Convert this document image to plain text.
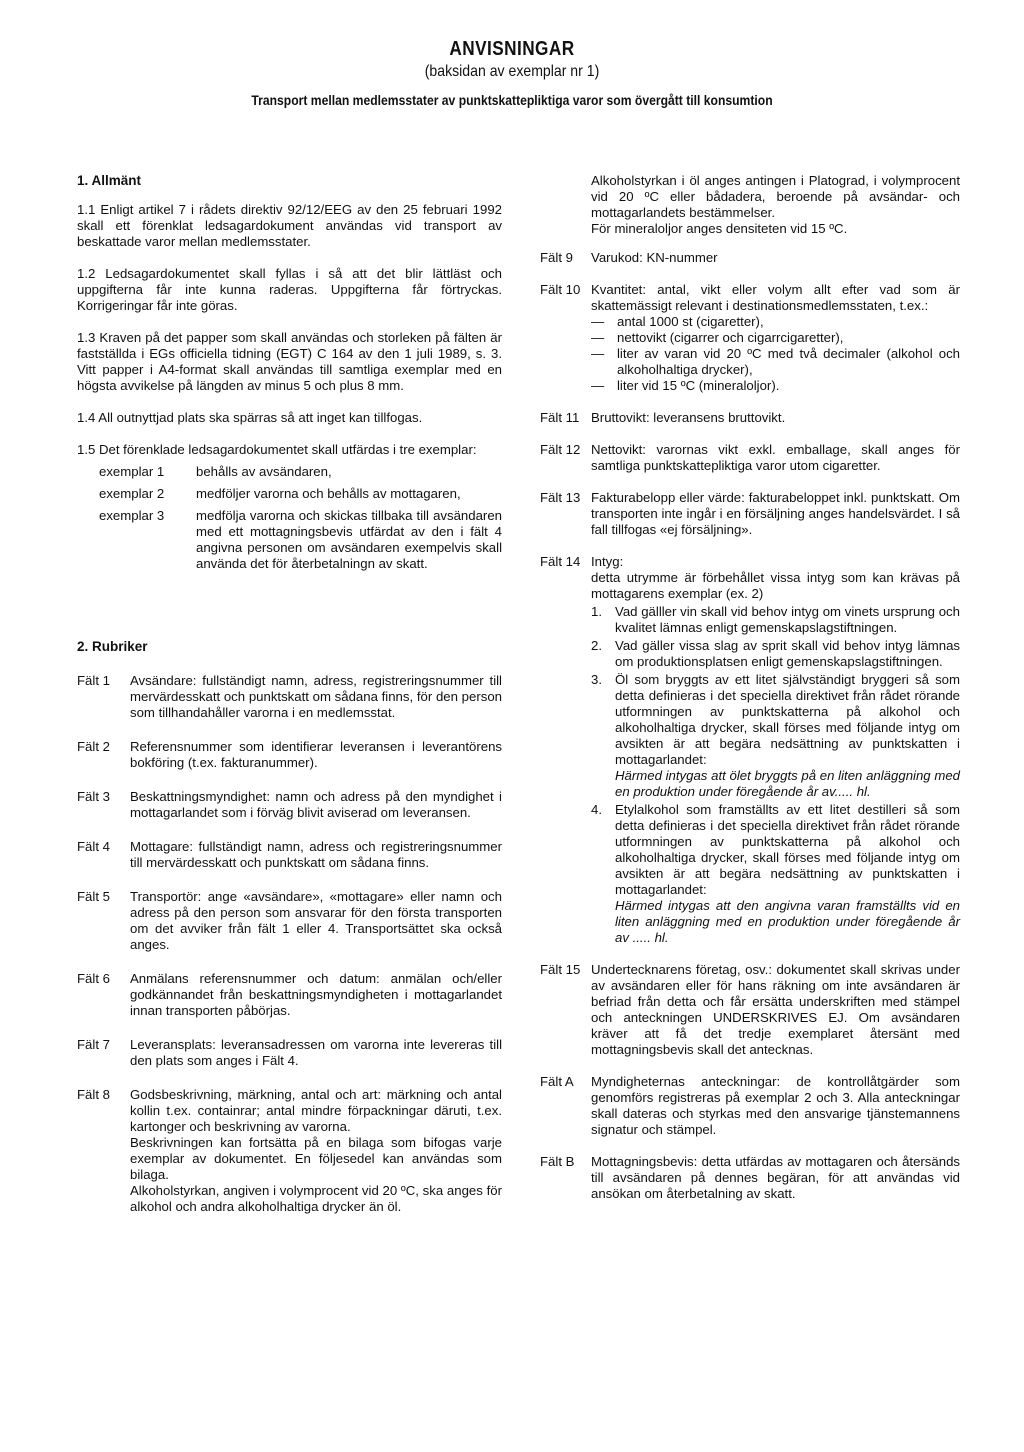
ANVISNINGAR
(baksidan av exemplar nr 1)
Transport mellan medlemsstater av punktskattepliktiga varor som övergått till konsumtion
1. Allmänt
1.1 Enligt artikel 7 i rådets direktiv 92/12/EEG av den 25 februari 1992 skall ett förenklat ledsagardokument användas vid transport av beskattade varor mellan medlemsstater.
1.2 Ledsagardokumentet skall fyllas i så att det blir lättläst och uppgifterna får inte kunna raderas. Uppgifterna får förtryckas. Korrigeringar får inte göras.
1.3 Kraven på det papper som skall användas och storleken på fälten är fastställda i EGs officiella tidning (EGT) C 164 av den 1 juli 1989, s. 3. Vitt papper i A4-format skall användas till samtliga exemplar med en högsta avvikelse på längden av minus 5 och plus 8 mm.
1.4 All outnyttjad plats ska spärras så att inget kan tillfogas.
1.5 Det förenklade ledsagardokumentet skall utfärdas i tre exemplar:
exemplar 1	behålls av avsändaren,
exemplar 2	medföljer varorna och behålls av mottagaren,
exemplar 3	medfölja varorna och skickas tillbaka till avsändaren med ett mottagningsbevis utfärdat av den i fält 4 angivna personen om avsändaren exempelvis skall använda det för återbetalningn av skatt.
2. Rubriker
Fält 1	Avsändare: fullständigt namn, adress, registreringsnummer till mervärdesskatt och punktskatt om sådana finns, för den person som tillhandahåller varorna i en medlemsstat.
Fält 2	Referensnummer som identifierar leveransen i leverantörens bokföring (t.ex. fakturanummer).
Fält 3	Beskattningsmyndighet: namn och adress på den myndighet i mottagarlandet som i förväg blivit aviserad om leveransen.
Fält 4	Mottagare: fullständigt namn, adress och registreringsnummer till mervärdesskatt och punktskatt om sådana finns.
Fält 5	Transportör: ange «avsändare», «mottagare» eller namn och adress på den person som ansvarar för den första transporten om det avviker från fält 1 eller 4. Transportsättet ska också anges.
Fält 6	Anmälans referensnummer och datum: anmälan och/eller godkännandet från beskattningsmyndigheten i mottagarlandet innan transporten påbörjas.
Fält 7	Leveransplats: leveransadressen om varorna inte levereras till den plats som anges i Fält 4.
Fält 8	Godsbeskrivning, märkning, antal och art: märkning och antal kollin t.ex. containrar; antal mindre förpackningar däruti, t.ex. kartonger och beskrivning av varorna.
Beskrivningen kan fortsätta på en bilaga som bifogas varje exemplar av dokumentet. En följesedel kan användas som bilaga.
Alkoholstyrkan, angiven i volymprocent vid 20 ºC, ska anges för alkohol och andra alkoholhaltiga drycker än öl.
Alkoholstyrkan i öl anges antingen i Platograd, i volymprocent vid 20 ºC eller bådadera, beroende på avsändar- och mottagarlandets bestämmelser.
För mineraloljor anges densiteten vid 15 ºC.
Fält 9	Varukod: KN-nummer
Fält 10 Kvantitet: antal, vikt eller volym allt efter vad som är skattemässigt relevant i destinationsmedlemsstaten, t.ex.:
— antal 1000 st (cigaretter),
— nettovikt (cigarrer och cigarrcigaretter),
— liter av varan vid 20 ºC med två decimaler (alkohol och alkoholhaltiga drycker),
— liter vid 15 ºC (mineraloljor).
Fält 11 Bruttovikt: leveransens bruttovikt.
Fält 12 Nettovikt: varornas vikt exkl. emballage, skall anges för samtliga punktskattepliktiga varor utom cigaretter.
Fält 13 Fakturabelopp eller värde: fakturabeloppet inkl. punktskatt. Om transporten inte ingår i en försäljning anges handelsvärdet. I så fall tillfogas «ej försäljning».
Fält 14 Intyg:
detta utrymme är förbehållet vissa intyg som kan krävas på mottagarens exemplar (ex. 2)
1. Vad gälller vin skall vid behov intyg om vinets ursprung och kvalitet lämnas enligt gemenskapslagstiftningen.
2. Vad gäller vissa slag av sprit skall vid behov intyg lämnas om produktionsplatsen enligt gemenskapslagstiftningen.
3. Öl som bryggts av ett litet självständigt bryggeri så som detta definieras i det speciella direktivet från rådet rörande utformningen av punktskatterna på alkohol och alkoholhaltiga drycker, skall förses med följande intyg om avsikten är att begära nedsättning av punktskatten i mottagarlandet:
Härmed intygas att ölet bryggts på en liten anläggning med en produktion under föregående år av..... hl.
4. Etylalkohol som framställts av ett litet destilleri så som detta definieras i det speciella direktivet från rådet rörande utformningen av punktskatterna på alkohol och alkoholhaltiga drycker, skall förses med följande intyg om avsikten är att begära nedsättning av punktskatten i mottagarlandet:
Härmed intygas att den angivna varan framställts vid en liten anläggning med en produktion under föregående år av ..... hl.
Fält 15 Undertecknarens företag, osv.: dokumentet skall skrivas under av avsändaren eller för hans räkning om inte avsändaren är befriad från detta och får ersätta underskriften med stämpel och anteckningen UNDERSKRIVES EJ. Om avsändaren kräver att få det tredje exemplaret återsänt med mottagningsbevis skall det antecknas.
Fält A	Myndigheternas anteckningar: de kontrollåtgärder som genomförs registreras på exemplar 2 och 3. Alla anteckningar skall dateras och styrkas med den ansvarige tjänstemannens signatur och stämpel.
Fält B	Mottagningsbevis: detta utfärdas av mottagaren och återsänds till avsändaren på dennes begäran, för att användas vid ansökan om återbetalning av skatt.
